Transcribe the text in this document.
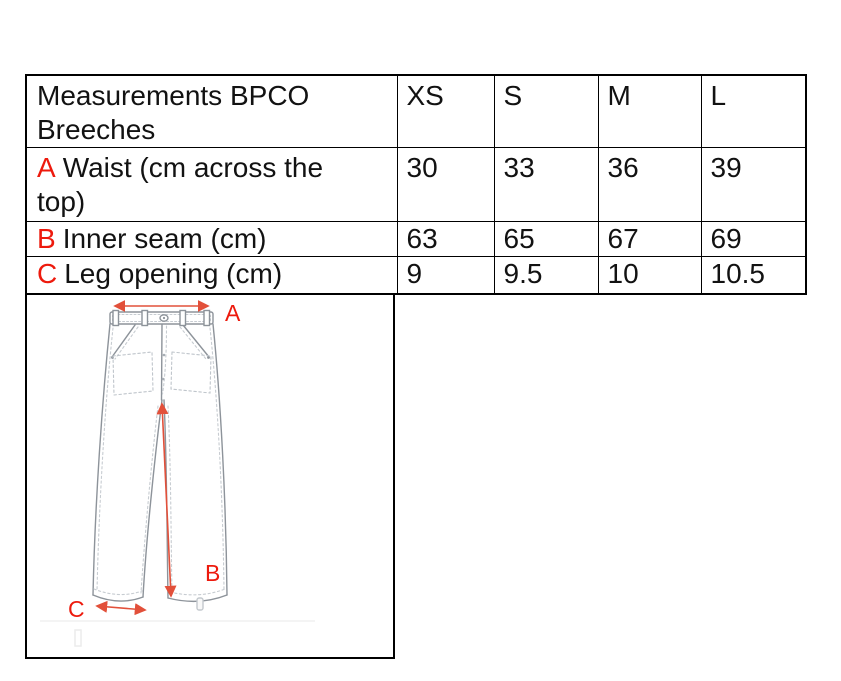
Measurements BPCO Breeches	XS	S	M	L
A Waist (cm across the top)	30	33	36	39
B Inner seam (cm)	63	65	67	69
C Leg opening (cm)	9	9.5	10	10.5
A
B
C
